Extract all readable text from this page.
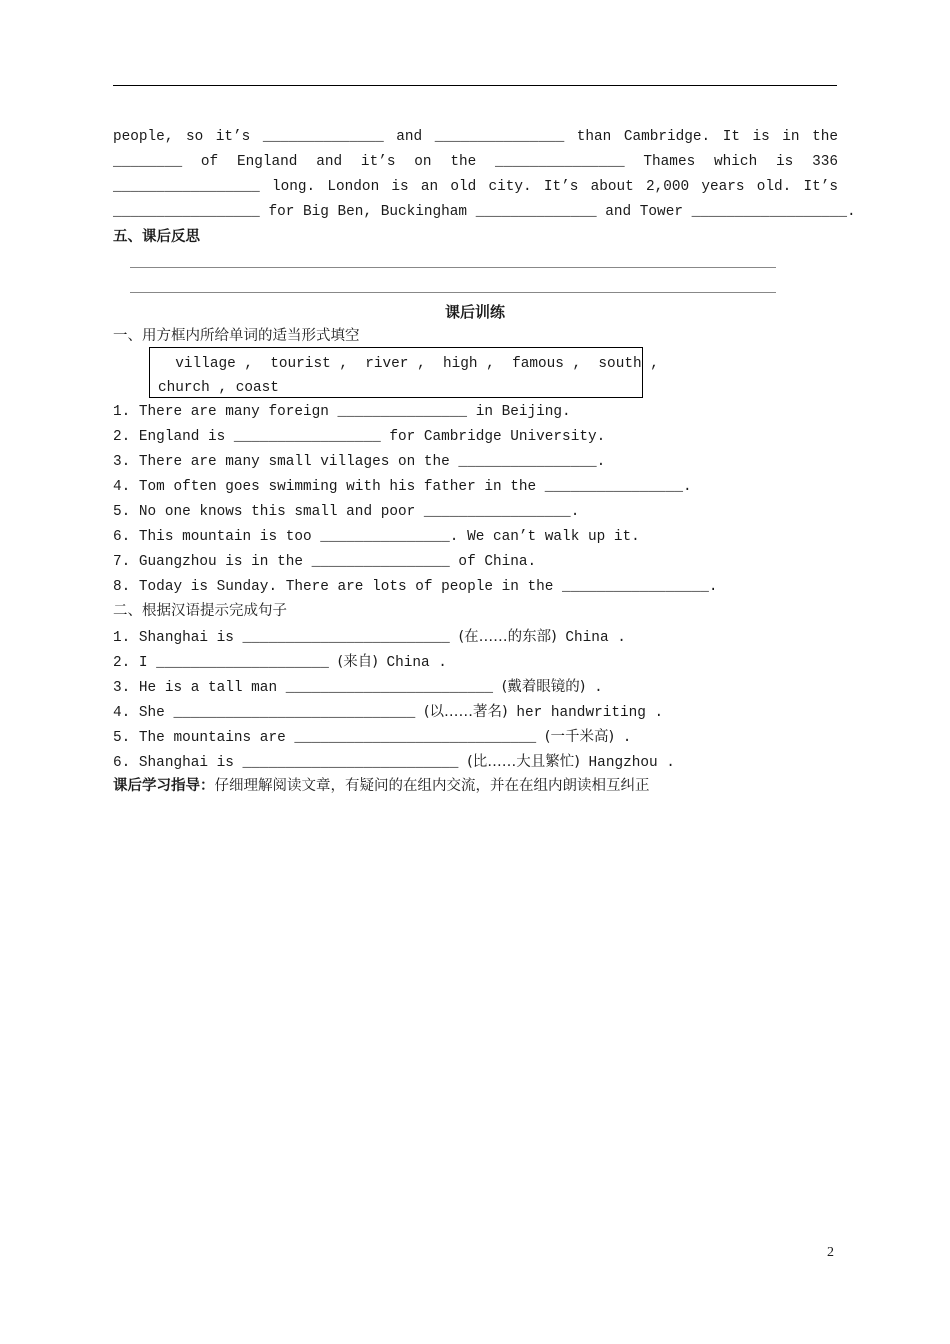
people, so it’s ______________ and _______________ than Cambridge. It is in the
________ of England and it’s on the _______________ Thames which is 336
_________________ long. London is an old city. It’s about 2,000 years old. It’s
_________________ for Big Ben, Buckingham ______________ and Tower __________________.
五、课后反思
课后训练
一、用方框内所给单词的适当形式填空
village ,  tourist ,  river ,  high ,  famous ,  south ,
church , coast
1. There are many foreign _______________ in Beijing.
2. England is _________________ for Cambridge University.
3. There are many small villages on the ________________.
4. Tom often goes swimming with his father in the ________________.
5. No one knows this small and poor _________________.
6. This mountain is too _______________. We can’t walk up it.
7. Guangzhou is in the ________________ of China.
8. Today is Sunday. There are lots of people in the _________________.
二、根据汉语提示完成句子
1. Shanghai is ________________________ (在……的东部) China .
2. I ____________________ (来自) China .
3. He is a tall man ________________________ (戴着眼镜的) .
4. She ____________________________ (以……著名) her handwriting .
5. The mountains are ____________________________ (一千米高) .
6. Shanghai is _________________________ (比……大且繁忙) Hangzhou .
课后学习指导：仔细理解阅读文章，有疑问的在组内交流，并在在组内朗读相互纠正
2
